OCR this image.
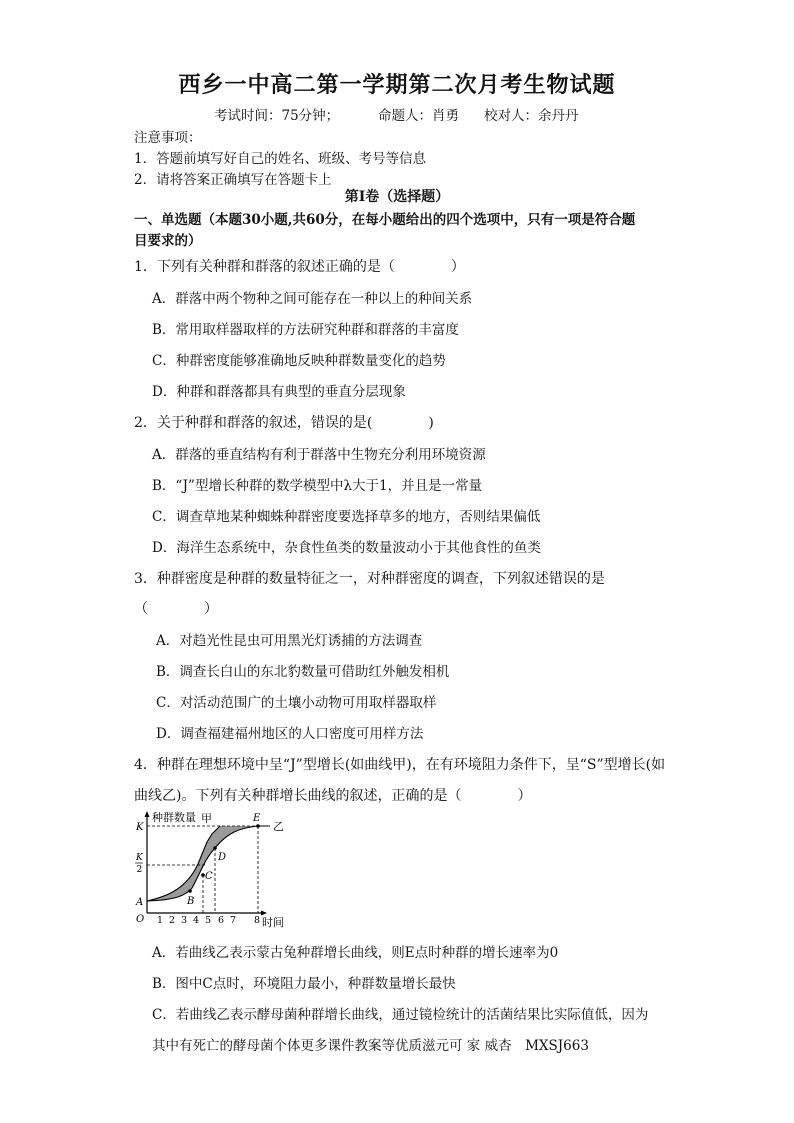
西乡一中高二第一学期第二次月考生物试题
考试时间：75分钟；	命题人：肖勇 校对人：余丹丹
注意事项：
1．答题前填写好自己的姓名、班级、考号等信息
2．请将答案正确填写在答题卡上
第Ⅰ卷（选择题）
一、单选题（本题30小题,共60分，在每小题给出的四个选项中，只有一项是符合题
目要求的）
1．下列有关种群和群落的叙述正确的是（　　　　）
A．群落中两个物种之间可能存在一种以上的种间关系
B．常用取样器取样的方法研究种群和群落的丰富度
C．种群密度能够准确地反映种群数量变化的趋势
D．种群和群落都具有典型的垂直分层现象
2．关于种群和群落的叙述，错误的是(　　　　)
A．群落的垂直结构有利于群落中生物充分利用环境资源
B．“J”型增长种群的数学模型中λ大于1，并且是一常量
C．调查草地某种蜘蛛种群密度要选择草多的地方，否则结果偏低
D．海洋生态系统中，杂食性鱼类的数量波动小于其他食性的鱼类
3．种群密度是种群的数量特征之一，对种群密度的调查，下列叙述错误的是
（　　　　）
A．对趋光性昆虫可用黑光灯诱捕的方法调查
B．调查长白山的东北豹数量可借助红外触发相机
C．对活动范围广的土壤小动物可用取样器取样
D．调查福建福州地区的人口密度可用样方法
4．种群在理想环境中呈“J”型增长(如曲线甲)，在有环境阻力条件下，呈“S”型增长(如
曲线乙)。下列有关种群增长曲线的叙述，正确的是（　　　　）
种群数量
K
K
2
A
O
甲	E
乙
D
C
B
1 2 3 4 5 6 7 8 时间
A．若曲线乙表示蒙古兔种群增长曲线，则E点时种群的增长速率为0
B．图中C点时，环境阻力最小，种群数量增长最快
C．若曲线乙表示酵母菌种群增长曲线，通过镜检统计的活菌结果比实际值低，因为
其中有死亡的酵母菌个体更多课件教案等优质滋元可 家 威杏　MXSJ663
